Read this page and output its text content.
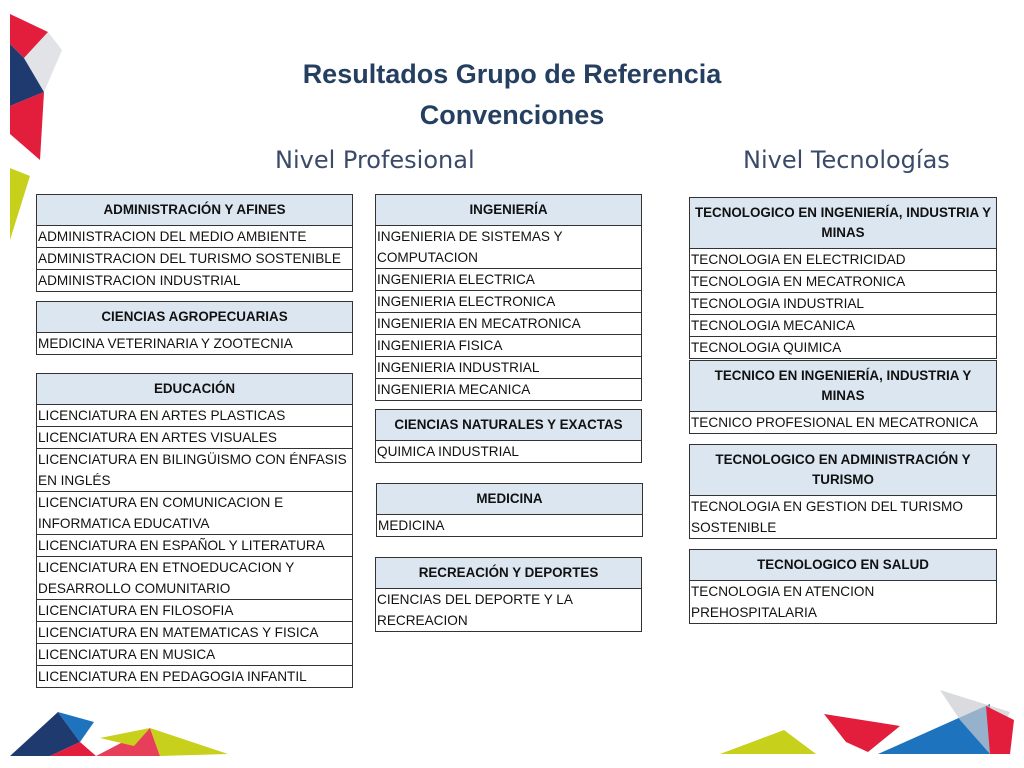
Resultados Grupo de Referencia
Convenciones
Nivel Profesional	Nivel Tecnologías
ADMINISTRACIÓN Y AFINES
ADMINISTRACION DEL MEDIO AMBIENTE
ADMINISTRACION DEL TURISMO SOSTENIBLE
ADMINISTRACION INDUSTRIAL
CIENCIAS AGROPECUARIAS
MEDICINA VETERINARIA Y ZOOTECNIA
EDUCACIÓN
LICENCIATURA EN ARTES PLASTICAS
LICENCIATURA EN ARTES VISUALES
LICENCIATURA EN BILINGÜISMO CON ÉNFASIS EN INGLÉS
LICENCIATURA EN COMUNICACION E INFORMATICA EDUCATIVA
LICENCIATURA EN ESPAÑOL Y LITERATURA
LICENCIATURA EN ETNOEDUCACION Y DESARROLLO COMUNITARIO
LICENCIATURA EN FILOSOFIA
LICENCIATURA EN MATEMATICAS Y FISICA
LICENCIATURA EN MUSICA
LICENCIATURA EN PEDAGOGIA INFANTIL
INGENIERÍA
INGENIERIA DE SISTEMAS Y COMPUTACION
INGENIERIA ELECTRICA
INGENIERIA ELECTRONICA
INGENIERIA EN MECATRONICA
INGENIERIA FISICA
INGENIERIA INDUSTRIAL
INGENIERIA MECANICA
CIENCIAS NATURALES Y EXACTAS
QUIMICA INDUSTRIAL
MEDICINA
MEDICINA
RECREACIÓN Y DEPORTES
CIENCIAS DEL DEPORTE Y LA RECREACION
TECNOLOGICO EN INGENIERÍA, INDUSTRIA Y MINAS
TECNOLOGIA EN ELECTRICIDAD
TECNOLOGIA EN MECATRONICA
TECNOLOGIA INDUSTRIAL
TECNOLOGIA MECANICA
TECNOLOGIA QUIMICA
TECNICO EN INGENIERÍA, INDUSTRIA Y MINAS
TECNICO PROFESIONAL EN MECATRONICA
TECNOLOGICO EN ADMINISTRACIÓN Y TURISMO
TECNOLOGIA EN GESTION DEL TURISMO SOSTENIBLE
TECNOLOGICO EN SALUD
TECNOLOGIA EN ATENCION PREHOSPITALARIA
